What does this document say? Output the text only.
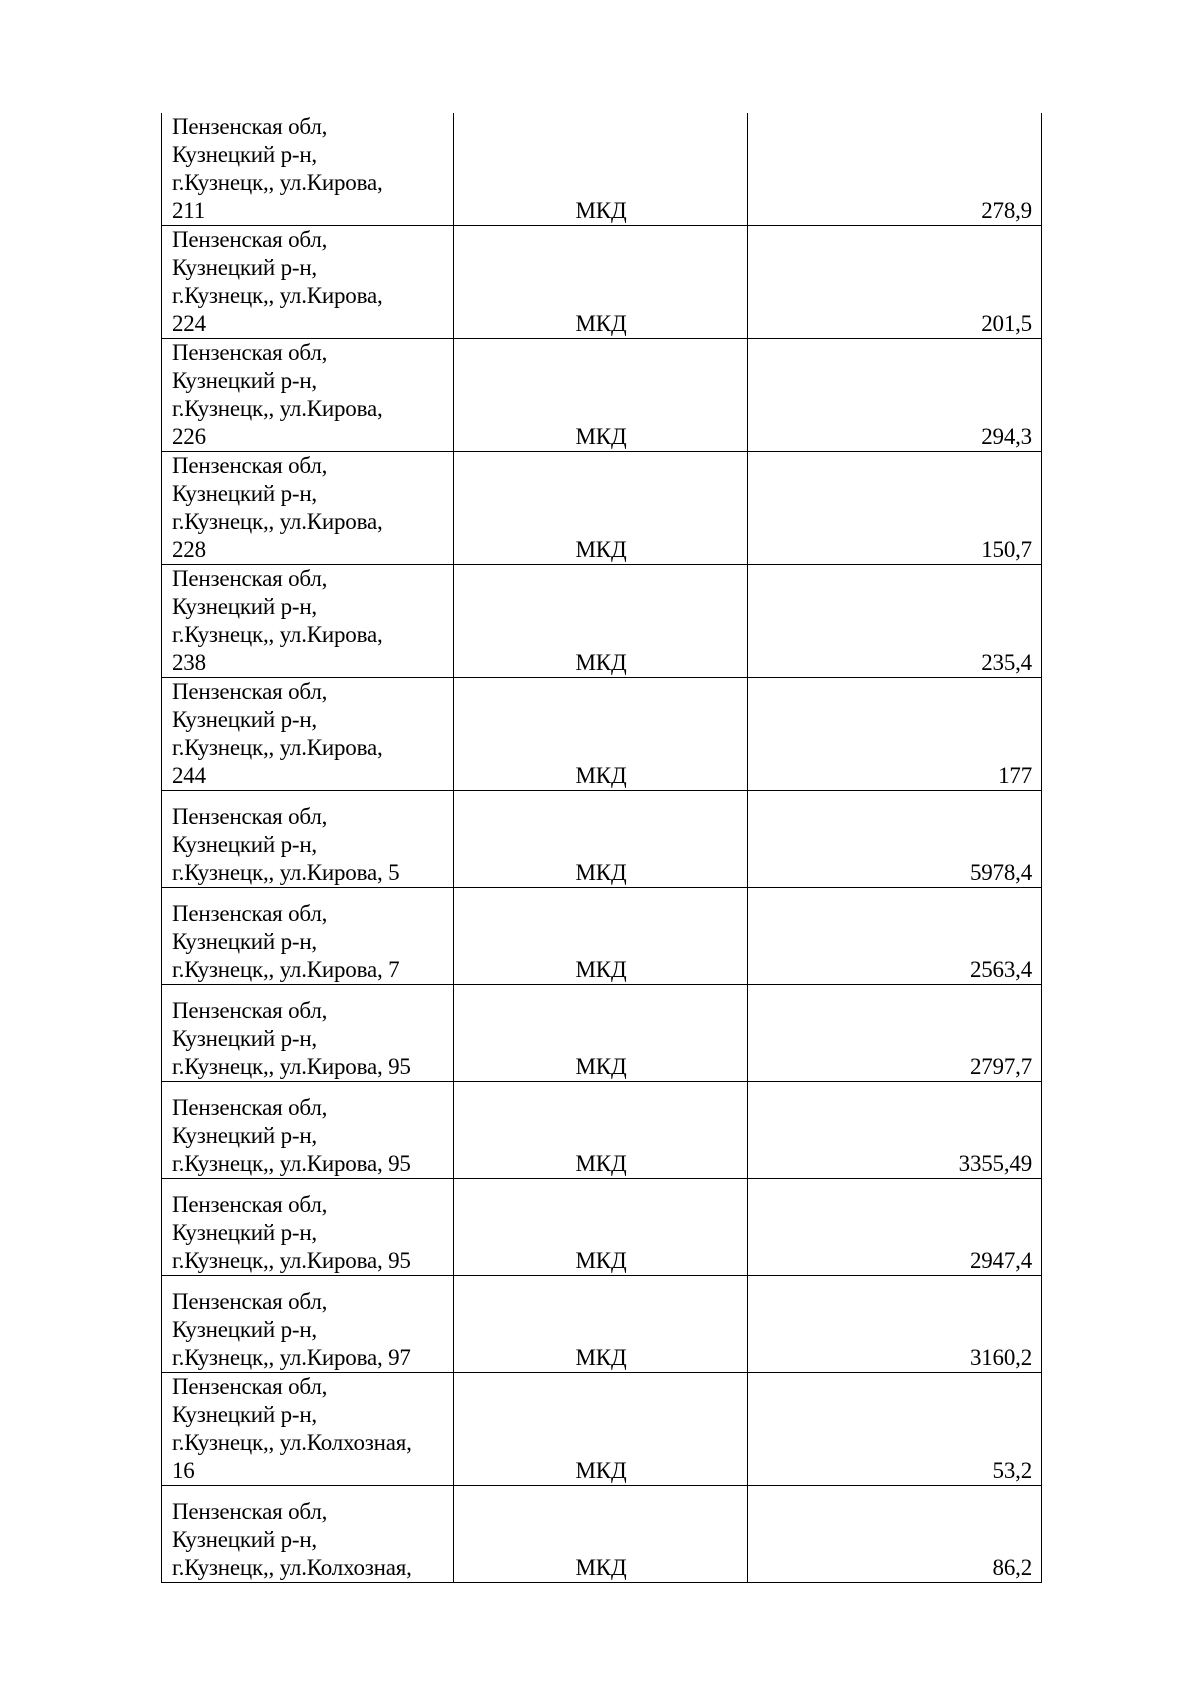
Пензенская обл,
Кузнецкий р-н,
г.Кузнецк,, ул.Кирова,
211	МКД	278,9

Пензенская обл,
Кузнецкий р-н,
г.Кузнецк,, ул.Кирова,
224	МКД	201,5

Пензенская обл,
Кузнецкий р-н,
г.Кузнецк,, ул.Кирова,
226	МКД	294,3

Пензенская обл,
Кузнецкий р-н,
г.Кузнецк,, ул.Кирова,
228	МКД	150,7

Пензенская обл,
Кузнецкий р-н,
г.Кузнецк,, ул.Кирова,
238	МКД	235,4

Пензенская обл,
Кузнецкий р-н,
г.Кузнецк,, ул.Кирова,
244	МКД	177

Пензенская обл,
Кузнецкий р-н,
г.Кузнецк,, ул.Кирова, 5	МКД	5978,4

Пензенская обл,
Кузнецкий р-н,
г.Кузнецк,, ул.Кирова, 7	МКД	2563,4

Пензенская обл,
Кузнецкий р-н,
г.Кузнецк,, ул.Кирова, 95	МКД	2797,7

Пензенская обл,
Кузнецкий р-н,
г.Кузнецк,, ул.Кирова, 95	МКД	3355,49

Пензенская обл,
Кузнецкий р-н,
г.Кузнецк,, ул.Кирова, 95	МКД	2947,4

Пензенская обл,
Кузнецкий р-н,
г.Кузнецк,, ул.Кирова, 97	МКД	3160,2

Пензенская обл,
Кузнецкий р-н,
г.Кузнецк,, ул.Колхозная,
16	МКД	53,2

Пензенская обл,
Кузнецкий р-н,
г.Кузнецк,, ул.Колхозная,	МКД	86,2
